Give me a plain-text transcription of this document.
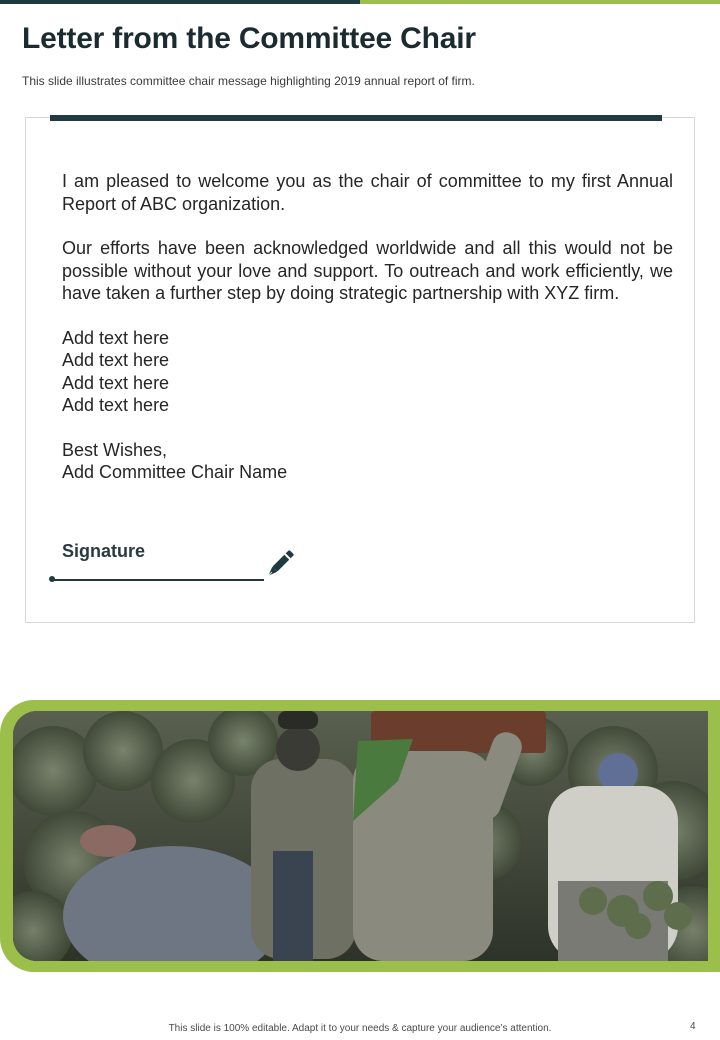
Letter from the Committee Chair
This slide illustrates committee chair message highlighting 2019 annual report of firm.

I am pleased to welcome you as the chair of committee to my first Annual Report of ABC organization.

Our efforts have been acknowledged worldwide and all this would not be possible without your love and support. To outreach and work efficiently, we have taken a further step by doing strategic partnership with XYZ firm.

Add text here
Add text here
Add text here
Add text here

Best Wishes,
Add Committee Chair Name

Signature
This slide is 100% editable. Adapt it to your needs & capture your audience’s attention.	4
